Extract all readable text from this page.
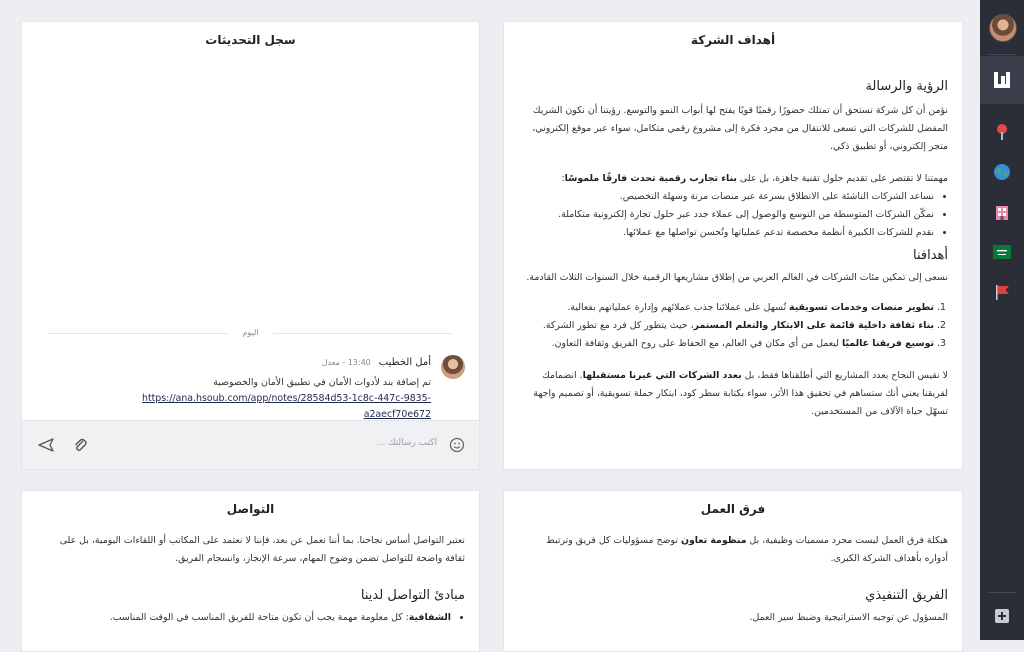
أهداف الشركة
الرؤية والرسالة

نؤمن أن كل شركة تستحق أن تمتلك حضورًا رقميًا قويًا يفتح لها أبواب النمو والتوسع. رؤيتنا أن نكون الشريك المفضل للشركات التي تسعى للانتقال من مجرد فكرة إلى مشروع رقمي متكامل، سواء عبر موقع إلكتروني، متجر إلكتروني، أو تطبيق ذكي.

مهمتنا لا تقتصر على تقديم حلول تقنية جاهزة، بل على بناء تجارب رقمية تحدث فارقًا ملموسًا:

• نساعد الشركات الناشئة على الانطلاق بسرعة عبر منصات مرنة وسهلة التخصيص.
• نمكّن الشركات المتوسطة من التوسع والوصول إلى عملاء جدد عبر حلول تجارة إلكترونية متكاملة.
• نقدم للشركات الكبيرة أنظمة مخصصة تدعم عملياتها وتُحسن تواصلها مع عملائها.
أهدافنا

نسعى إلى تمكين مئات الشركات في العالم العربي من إطلاق مشاريعها الرقمية خلال السنوات الثلاث القادمة.

1. تطوير منصات وخدمات تسويقية تُسهل على عملائنا جذب عملائهم وإدارة عملياتهم بفعالية.
2. بناء ثقافة داخلية قائمة على الابتكار والتعلم المستمر، حيث يتطور كل فرد مع تطور الشركة.
3. توسيع فريقنا عالميًا ليعمل من أي مكان في العالم، مع الحفاظ على روح الفريق وثقافة التعاون.

لا نقيس النجاح بعدد المشاريع التي أطلقناها فقط، بل بعدد الشركات التي غيرنا مستقبلها. انضمامك لفريقنا يعني أنك ستساهم في تحقيق هذا الأثر، سواء بكتابة سطر كود، ابتكار حملة تسويقية، أو تصميم واجهة تسهّل حياة الآلاف من المستخدمين.

سجل التحديثات
اليوم
أمل الخطيب13:40 - معدل
تم إضافة بند لأدوات الأمان في تطبيق الأمان والخصوصية
https://ana.hsoub.com/app/notes/28584d53-1c8c-447c-9835-a2aecf70e672
اكتب رسالتك ...
فرق العمل

هيكلة فرق العمل ليست مجرد مسميات وظيفية، بل منظومة تعاون توضح مسؤوليات كل فريق وترتبط أدواره بأهداف الشركة الكبرى.

الفريق التنفيذي

المسؤول عن توجيه الاستراتيجية وضبط سير العمل.

التواصل

نعتبر التواصل أساس نجاحنا. بما أننا نعمل عن بعد، فإننا لا نعتمد على المكاتب أو اللقاءات اليومية، بل على ثقافة واضحة للتواصل تضمن وضوح المهام، سرعة الإنجاز، وانسجام الفريق.

مبادئ التواصل لدينا
• الشفافية: كل معلومة مهمة يجب أن تكون متاحة للفريق المناسب في الوقت المناسب.
